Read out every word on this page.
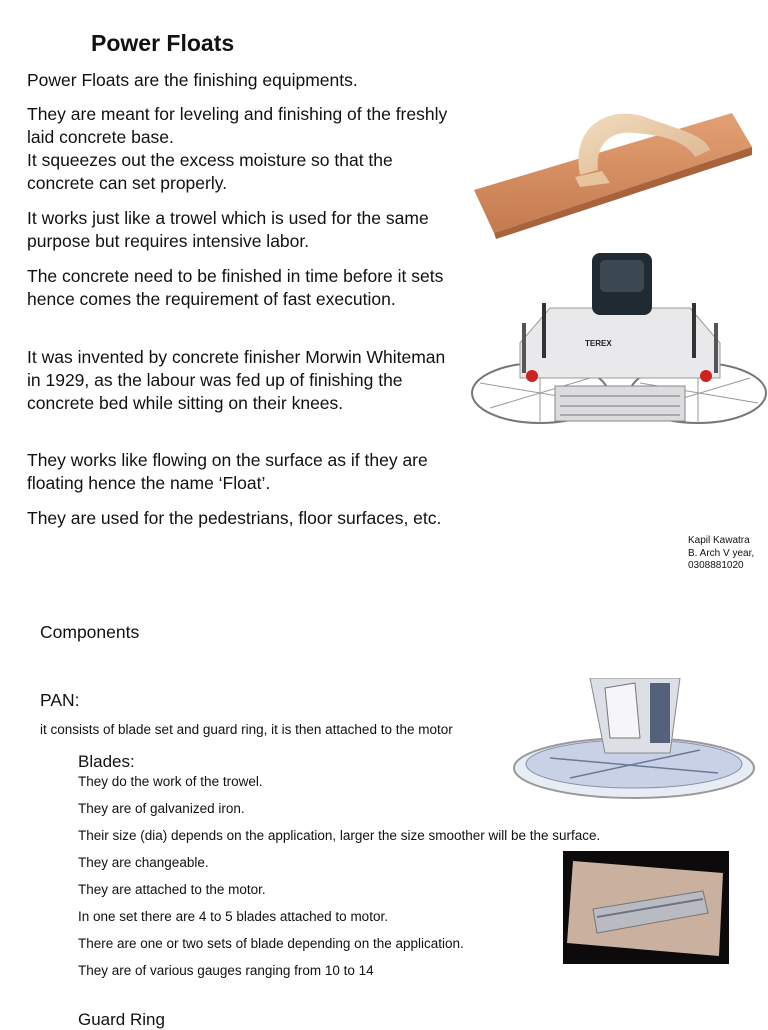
Power Floats

Power Floats are the finishing equipments.

They are meant for leveling and finishing of the freshly laid concrete base.
It squeezes out the excess moisture so that the concrete can set properly.

It works just like a trowel which is used for the same purpose but requires intensive labor.

The concrete need to be finished in time before it sets hence comes the requirement of fast execution.

It was invented by concrete finisher Morwin Whiteman in 1929, as the labour was fed up of finishing the concrete bed while sitting on their knees.

They works like flowing on the surface as if they are floating hence the name ‘Float’.

They are used for the pedestrians, floor surfaces, etc.

TEREX
Kapil Kawatra
B. Arch V year,
0308881020
Components
PAN:
it consists of blade set and guard ring, it is then attached to the motor
Blades:
They do the work of the trowel.
They are of galvanized iron.
Their size (dia) depends on the application, larger the size smoother will be the surface.
They are changeable.
They are attached to the motor.
In one set there are 4 to 5 blades attached to motor.
There are one or two sets of blade depending on the application.
They are of various gauges ranging from 10 to 14
Guard Ring
